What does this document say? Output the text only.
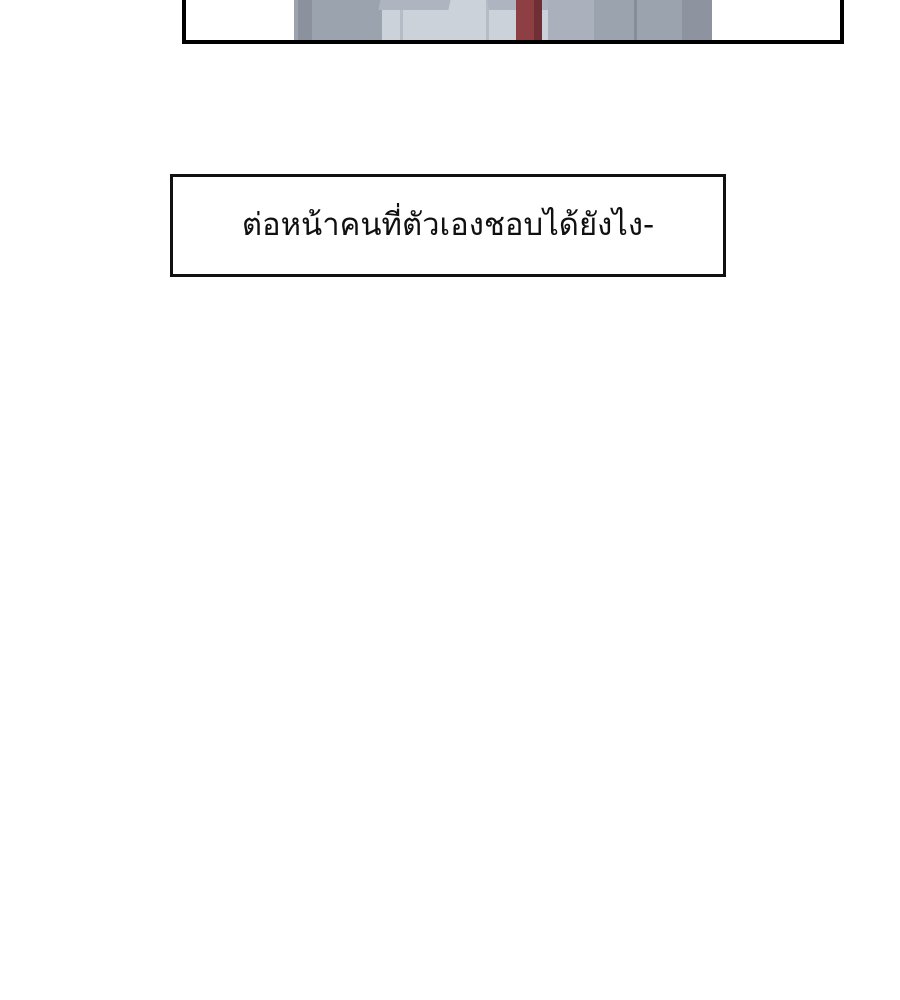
ต่อหน้าคนที่ตัวเองชอบได้ยังไง-
